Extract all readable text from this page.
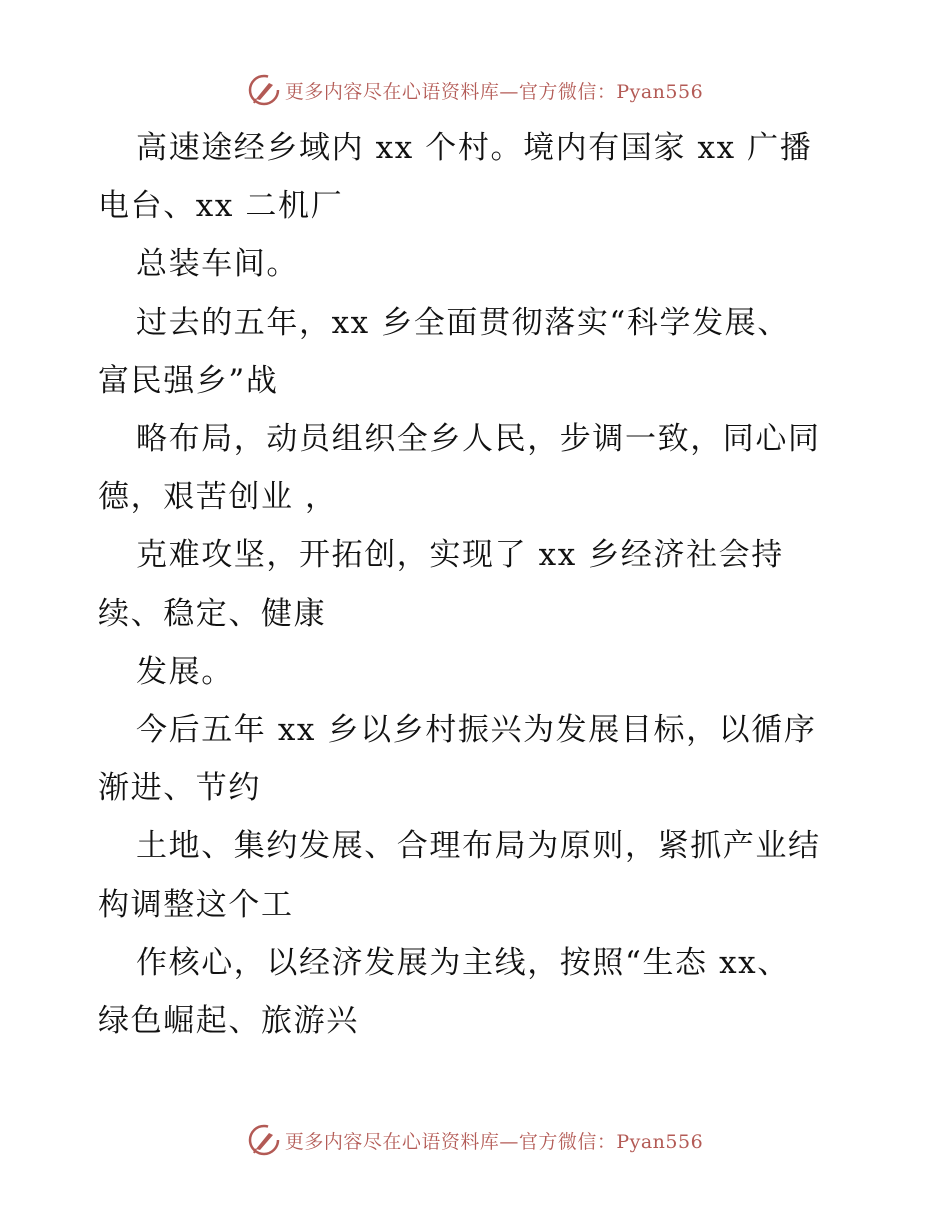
更多内容尽在心语资料库—官方微信：Pyan556
高速途经乡域内 xx 个村。境内有国家 xx 广播
电台、xx 二机厂
总装车间。
过去的五年，xx 乡全面贯彻落实“科学发展、
富民强乡”战
略布局，动员组织全乡人民，步调一致，同心同
德，艰苦创业 ，
克难攻坚，开拓创，实现了 xx 乡经济社会持
续、稳定、健康
发展。
今后五年 xx 乡以乡村振兴为发展目标，以循序
渐进、节约
土地、集约发展、合理布局为原则，紧抓产业结
构调整这个工
作核心，以经济发展为主线，按照“生态 xx、
绿色崛起、旅游兴
更多内容尽在心语资料库—官方微信：Pyan556
